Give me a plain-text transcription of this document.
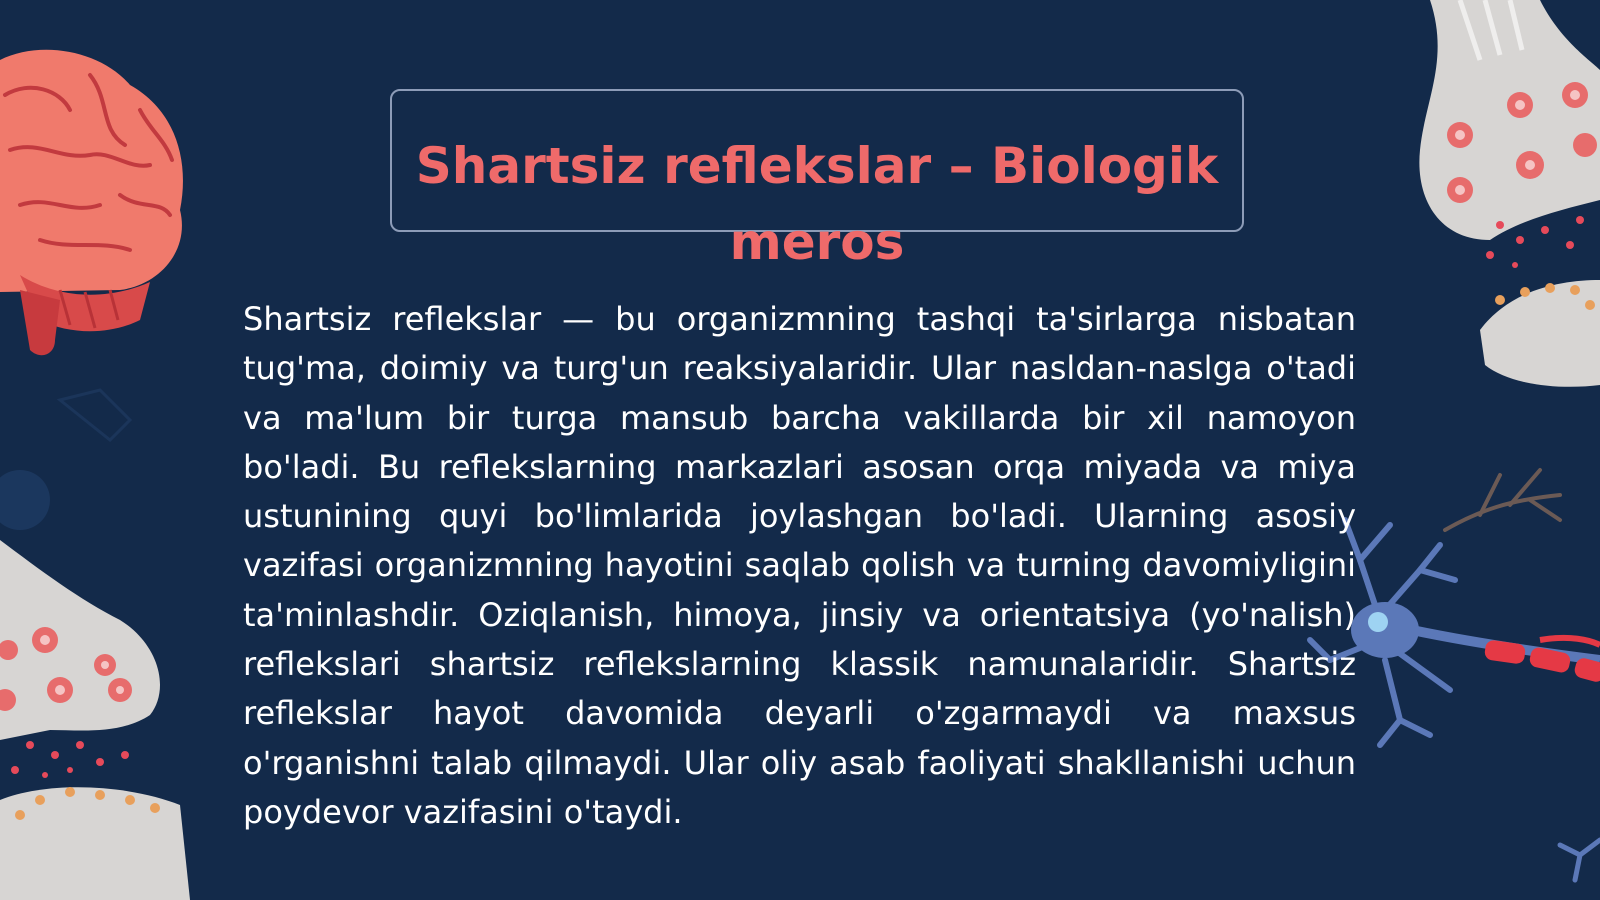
Shartsiz reflekslar – Biologik meros

Shartsiz reflekslar — bu organizmning tashqi ta'sirlarga nisbatan tug'ma, doimiy va turg'un reaksiyalaridir. Ular nasldan-naslga o'tadi va ma'lum bir turga mansub barcha vakillarda bir xil namoyon bo'ladi. Bu reflekslarning markazlari asosan orqa miyada va miya ustunining quyi bo'limlarida joylashgan bo'ladi. Ularning asosiy vazifasi organizmning hayotini saqlab qolish va turning davomiyligini ta'minlashdir. Oziqlanish, himoya, jinsiy va orientatsiya (yo'nalish) reflekslari shartsiz reflekslarning klassik namunalaridir. Shartsiz reflekslar hayot davomida deyarli o'zgarmaydi va maxsus o'rganishni talab qilmaydi. Ular oliy asab faoliyati shakllanishi uchun poydevor vazifasini o'taydi.
